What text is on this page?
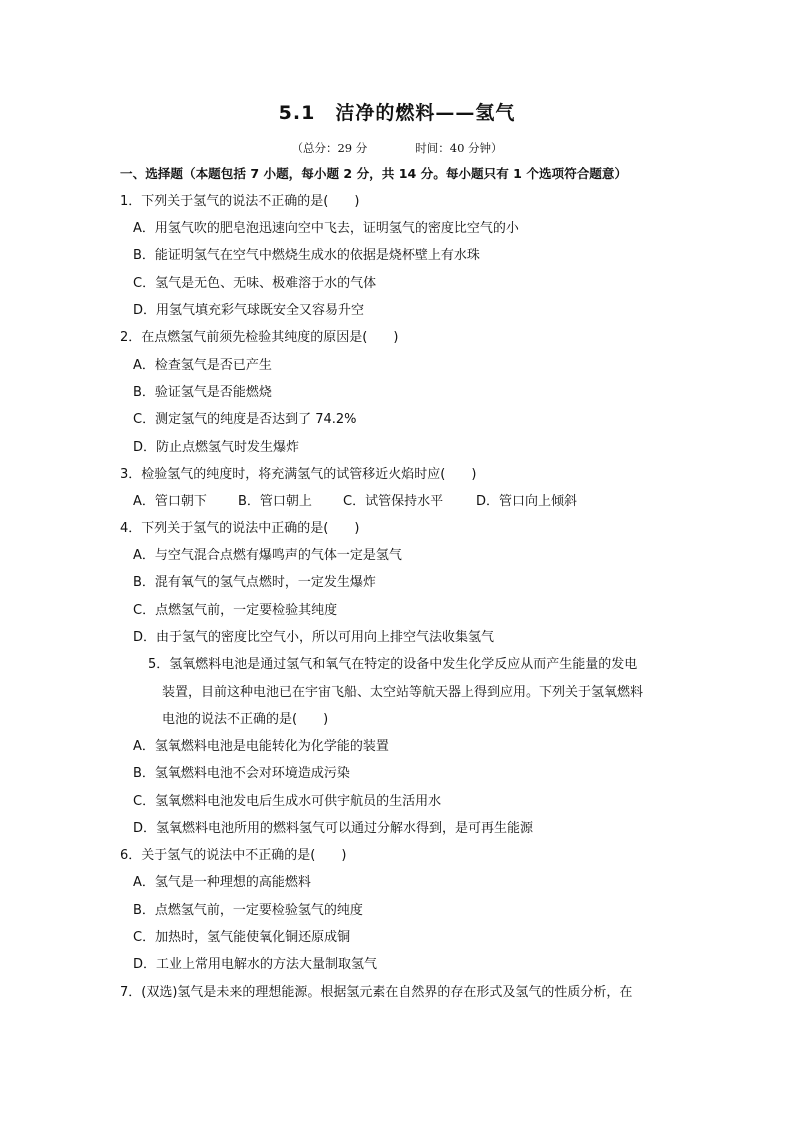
5.1　洁净的燃料——氢气
（总分：29 分	时间：40 分钟）
一、选择题（本题包括 7 小题，每小题 2 分，共 14 分。每小题只有 1 个选项符合题意）
1．下列关于氢气的说法不正确的是(　　)
A．用氢气吹的肥皂泡迅速向空中飞去，证明氢气的密度比空气的小
B．能证明氢气在空气中燃烧生成水的依据是烧杯壁上有水珠
C．氢气是无色、无味、极难溶于水的气体
D．用氢气填充彩气球既安全又容易升空
2．在点燃氢气前须先检验其纯度的原因是(　　)
A．检查氢气是否已产生
B．验证氢气是否能燃烧
C．测定氢气的纯度是否达到了 74.2%
D．防止点燃氢气时发生爆炸
3．检验氢气的纯度时，将充满氢气的试管移近火焰时应(　　)
A．管口朝下 B．管口朝上 C．试管保持水平	D．管口向上倾斜
4．下列关于氢气的说法中正确的是(　　)
A．与空气混合点燃有爆鸣声的气体一定是氢气
B．混有氧气的氢气点燃时，一定发生爆炸
C．点燃氢气前，一定要检验其纯度
D．由于氢气的密度比空气小，所以可用向上排空气法收集氢气
5．氢氧燃料电池是通过氢气和氧气在特定的设备中发生化学反应从而产生能量的发电
装置，目前这种电池已在宇宙飞船、太空站等航天器上得到应用。下列关于氢氧燃料
电池的说法不正确的是(　　)
A．氢氧燃料电池是电能转化为化学能的装置
B．氢氧燃料电池不会对环境造成污染
C．氢氧燃料电池发电后生成水可供宇航员的生活用水
D．氢氧燃料电池所用的燃料氢气可以通过分解水得到，是可再生能源
6．关于氢气的说法中不正确的是(　　)
A．氢气是一种理想的高能燃料
B．点燃氢气前，一定要检验氢气的纯度
C．加热时，氢气能使氧化铜还原成铜
D．工业上常用电解水的方法大量制取氢气
7．(双选)氢气是未来的理想能源。根据氢元素在自然界的存在形式及氢气的性质分析，在
